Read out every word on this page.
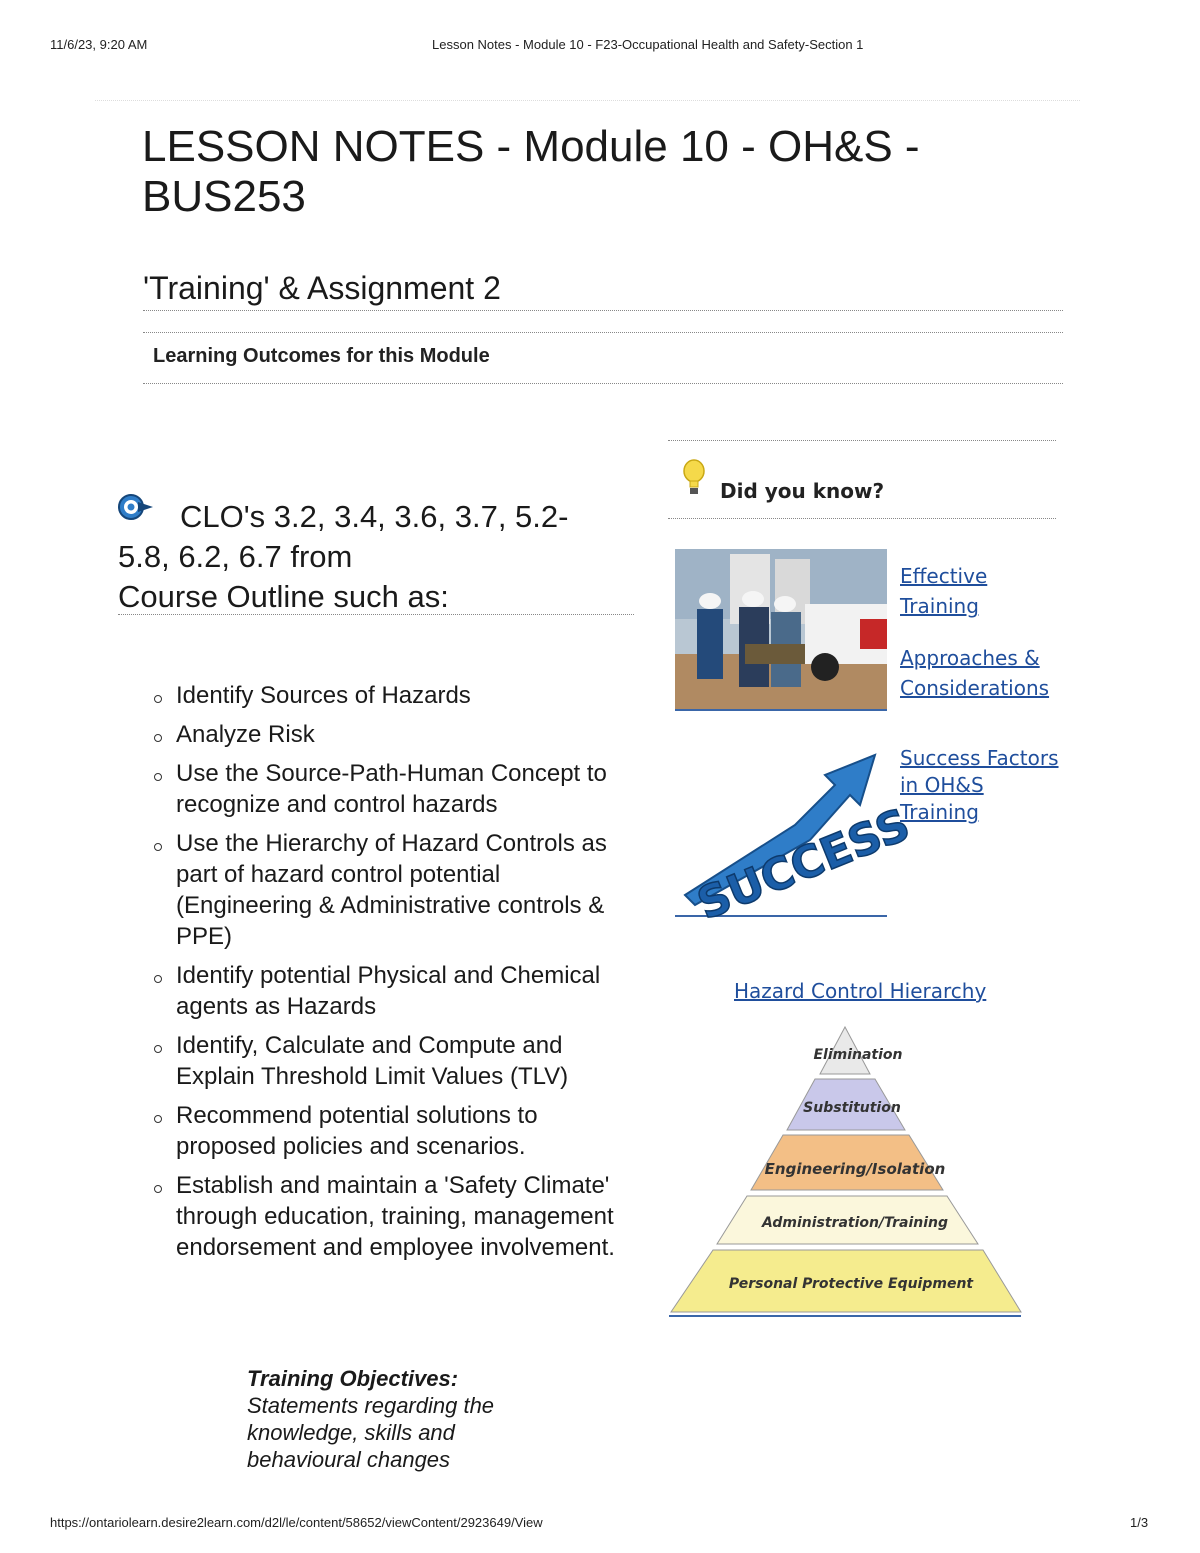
11/6/23, 9:20 AM	Lesson Notes - Module 10 - F23-Occupational Health and Safety-Section 1
LESSON NOTES - Module 10 - OH&S - BUS253
'Training' & Assignment 2
Learning Outcomes for this Module
CLO's 3.2, 3.4, 3.6, 3.7, 5.2-
5.8, 6.2, 6.7 from
Course Outline such as:
Identify Sources of Hazards
Analyze Risk
Use the Source-Path-Human Concept to recognize and control hazards
Use the Hierarchy of Hazard Controls as part of hazard control potential (Engineering & Administrative controls & PPE)
Identify potential Physical and Chemical agents as Hazards
Identify, Calculate and Compute and Explain Threshold Limit Values (TLV)
Recommend potential solutions to proposed policies and scenarios.
Establish and maintain a 'Safety Climate' through education, training, management endorsement and employee involvement.
Training Objectives: Statements regarding the knowledge, skills and behavioural changes
Did you know?
Effective Training
Approaches & Considerations
SUCCESS
Success Factors in OH&S Training
Hazard Control Hierarchy
Elimination
Substitution
Engineering/Isolation
Administration/Training
Personal Protective Equipment
https://ontariolearn.desire2learn.com/d2l/le/content/58652/viewContent/2923649/View	1/3
